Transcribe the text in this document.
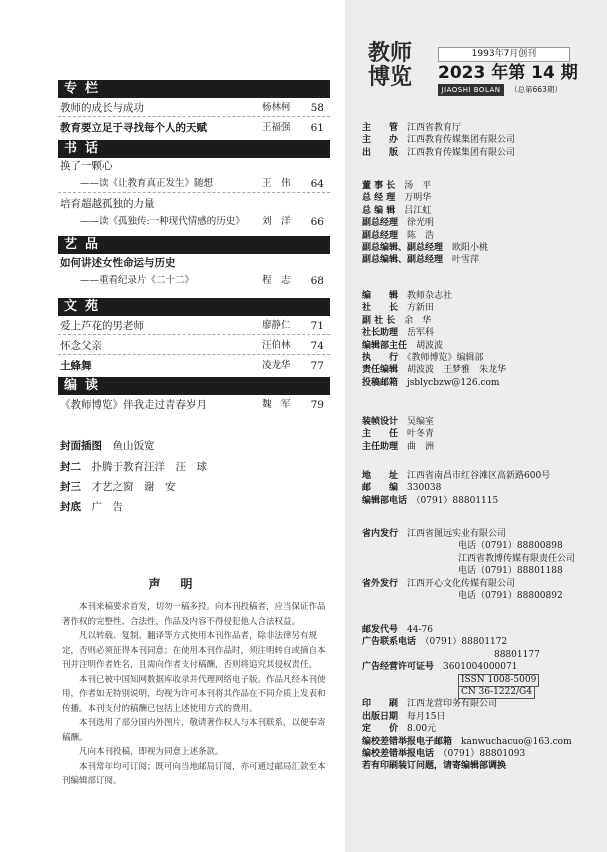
教师
博览	JIAOSHI BOLAN
1993年7月创刊
2023 年第 14 期
（总第663期）
声　明

本刊来稿要求首发，切勿一稿多投。向本刊投稿者，应当保证作品著作权的完整性、合法性，作品及内容不得侵犯他人合法权益。

凡以转载、复制、翻译等方式使用本刊作品者，除非法律另有规定，否则必须征得本刊同意；在使用本刊作品时，须注明转自或摘自本刊并注明作者姓名，且需向作者支付稿酬，否则将追究其侵权责任。

本刊已被中国知网数据库收录并代理网络电子版。作品凡经本刊使用，作者如无特别说明，均视为许可本刊将其作品在不同介质上发表和传播。本刊支付的稿酬已包括上述使用方式的费用。

本刊选用了部分国内外图片，敬请著作权人与本刊联系，以便奉寄稿酬。

凡向本刊投稿，即视为同意上述条款。

本刊常年均可订阅；既可向当地邮局订阅，亦可通过邮局汇款至本刊编辑部订阅。

专栏
教师的成长与成功	杨林柯 58
教育要立足于寻找每个人的天赋	王福强 61
书话
换了一颗心
——读《让教育真正发生》随想	王　伟 64
培育超越孤独的力量
——读《孤独传:一种现代情感的历史》 刘　洋 66
艺品
如何讲述女性命运与历史
——重看纪录片《二十二》	程　志 68
文苑
爱上芦花的男老师	廖静仁 71
怀念父亲	汪伯林 74
土蜂舞	凌龙华 77
编读
《教师博览》伴我走过青春岁月	魏　军 79
封面插图　鱼山饭宽
封二　扑腾于教育汪洋　汪　球
封三　才艺之窗　谢　安
封底　广　告
主　　管　江西省教育厅
主　　办　江西教育传媒集团有限公司
出　　版　江西教育传媒集团有限公司
董 事 长　汤　平
总 经 理　万明华
总 编 辑　吕江虹
副总经理　徐光明
副总经理　陈　浩
副总编辑、副总经理　欧阳小桃
副总编辑、副总经理　叶雪萍
编　　辑　教师杂志社
社　　长　方新田
副 社 长　余　华
社长助理　岳军科
编辑部主任　胡波波
执　　行　《教师博览》编辑部
责任编辑　胡波波　王梦雅　朱龙华
投稿邮箱　jsblycbzw@126.com
装帧设计　吴编室
主　　任　叶冬青
主任助理　曲　洲
地　　址　江西省南昌市红谷滩区高新路600号
邮　　编　330038
编辑部电话　（0791）88801115
省内发行　江西省图远实业有限公司
电话（0791）88800898
江西省教博传媒有限责任公司
电话（0791）88801188
省外发行　江西开心文化传媒有限公司
电话（0791）88800892
邮发代号　44-76
广告联系电话　（0791）88801172
　　　　88801177
广告经营许可证号　3601004000071
ISSN 1008-5009
CN 36-1222/G4
印　　刷　江西龙营印务有限公司
出版日期　每月15日
定　　价　8.00元
编校差错举报电子邮箱　kanwuchacuo@163.com
编校差错举报电话　（0791）88801093
若有印刷装订问题，请寄编辑部调换　
